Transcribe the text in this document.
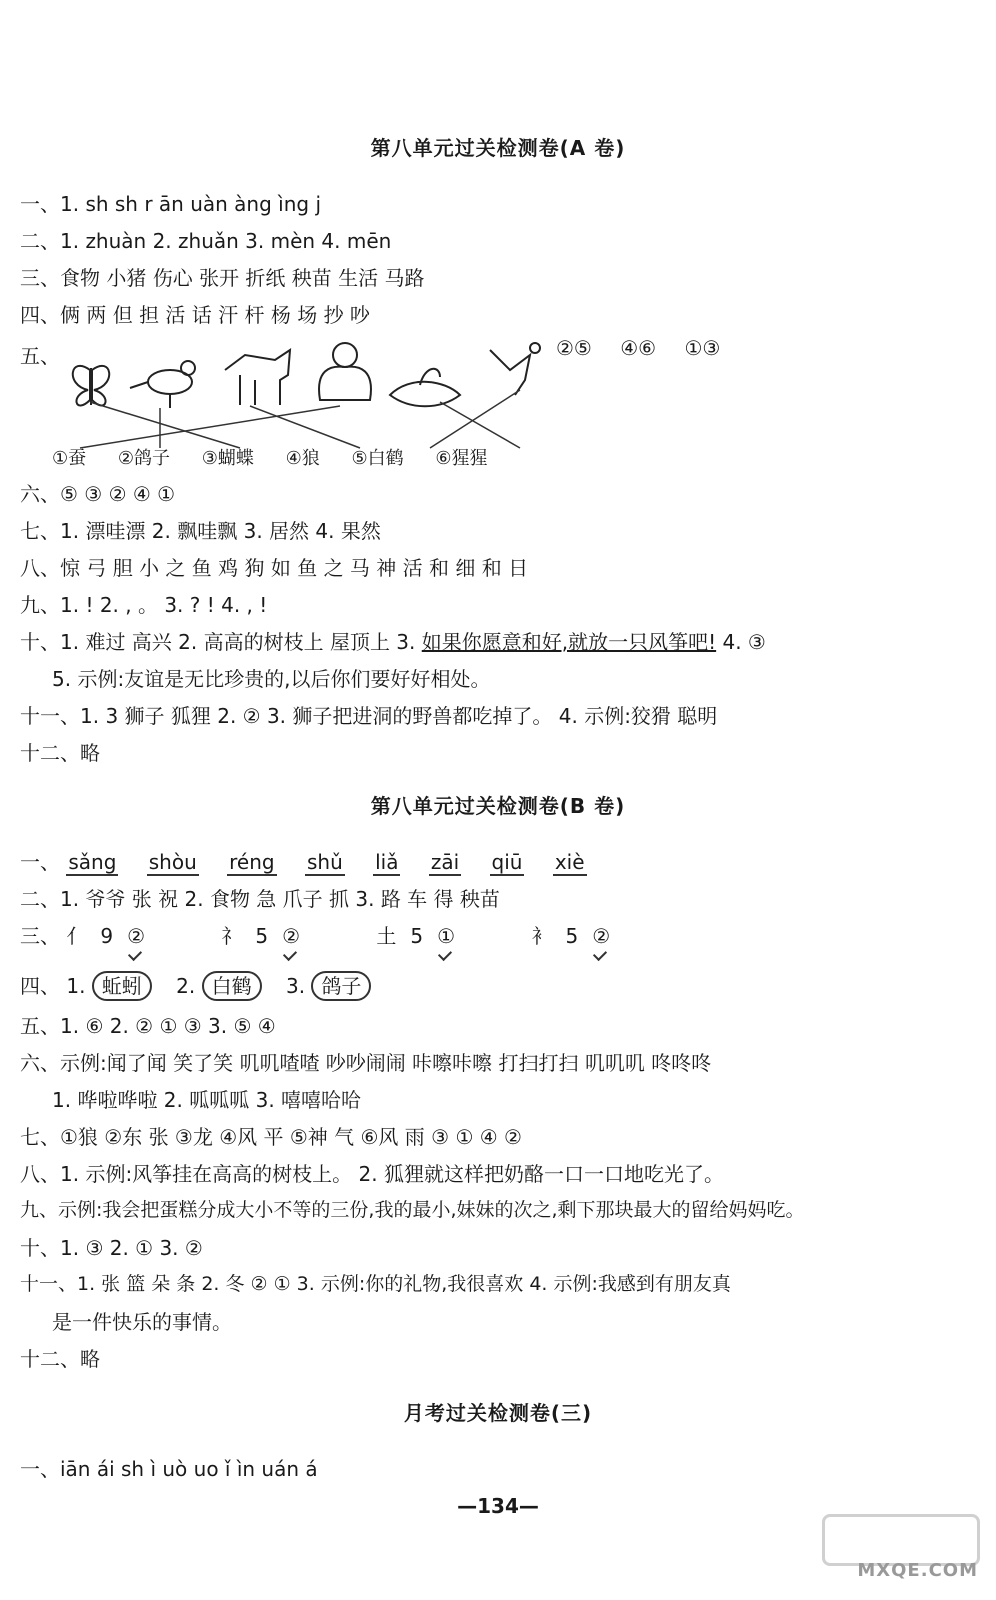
第八单元过关检测卷(A 卷)
一、1. sh sh r ān uàn àng ìng j
二、1. zhuàn 2. zhuǎn 3. mèn 4. mēn
三、食物 小猪 伤心 张开 折纸 秧苗 生活 马路
四、俩 两 但 担 活 话 汗 杆 杨 场 抄 吵
五、	②⑤ ④⑥ ①③
①蚕 ②鸽子 ③蝴蝶 ④狼 ⑤白鹤 ⑥猩猩
六、⑤ ③ ② ④ ①
七、1. 漂哇漂 2. 飘哇飘 3. 居然 4. 果然
八、惊 弓 胆 小 之 鱼 鸡 狗 如 鱼 之 马 神 活 和 细 和 日
九、1. ! 2. , 。 3. ? ! 4. , !
十、1. 难过 高兴 2. 高高的树枝上 屋顶上 3. 如果你愿意和好,就放一只风筝吧! 4. ③
5. 示例:友谊是无比珍贵的,以后你们要好好相处。
十一、1. 3 狮子 狐狸 2. ② 3. 狮子把进洞的野兽都吃掉了。 4. 示例:狡猾 聪明
十二、略
第八单元过关检测卷(B 卷)
一、 sǎng shòu réng shǔ liǎ zāi qiū xiè
二、1. 爷爷 张 祝 2. 食物 急 爪子 抓 3. 路 车 得 秧苗
三、 亻 9 ②	礻 5 ②	土 5 ①	衤 5 ②
四、 1. 蚯蚓 2. 白鹤 3. 鸽子
五、1. ⑥ 2. ② ① ③ 3. ⑤ ④
六、示例:闻了闻 笑了笑 叽叽喳喳 吵吵闹闹 咔嚓咔嚓 打扫打扫 叽叽叽 咚咚咚
1. 哗啦哗啦 2. 呱呱呱 3. 嘻嘻哈哈
七、①狼 ②东 张 ③龙 ④风 平 ⑤神 气 ⑥风 雨 ③ ① ④ ②
八、1. 示例:风筝挂在高高的树枝上。 2. 狐狸就这样把奶酪一口一口地吃光了。
九、示例:我会把蛋糕分成大小不等的三份,我的最小,妹妹的次之,剩下那块最大的留给妈妈吃。
十、1. ③ 2. ① 3. ②
十一、1. 张 篮 朵 条 2. 冬 ② ① 3. 示例:你的礼物,我很喜欢 4. 示例:我感到有朋友真
是一件快乐的事情。
十二、略
月考过关检测卷(三)
一、iān ái sh ì uò uo ǐ ìn uán á
—134—
MXQE.COM
